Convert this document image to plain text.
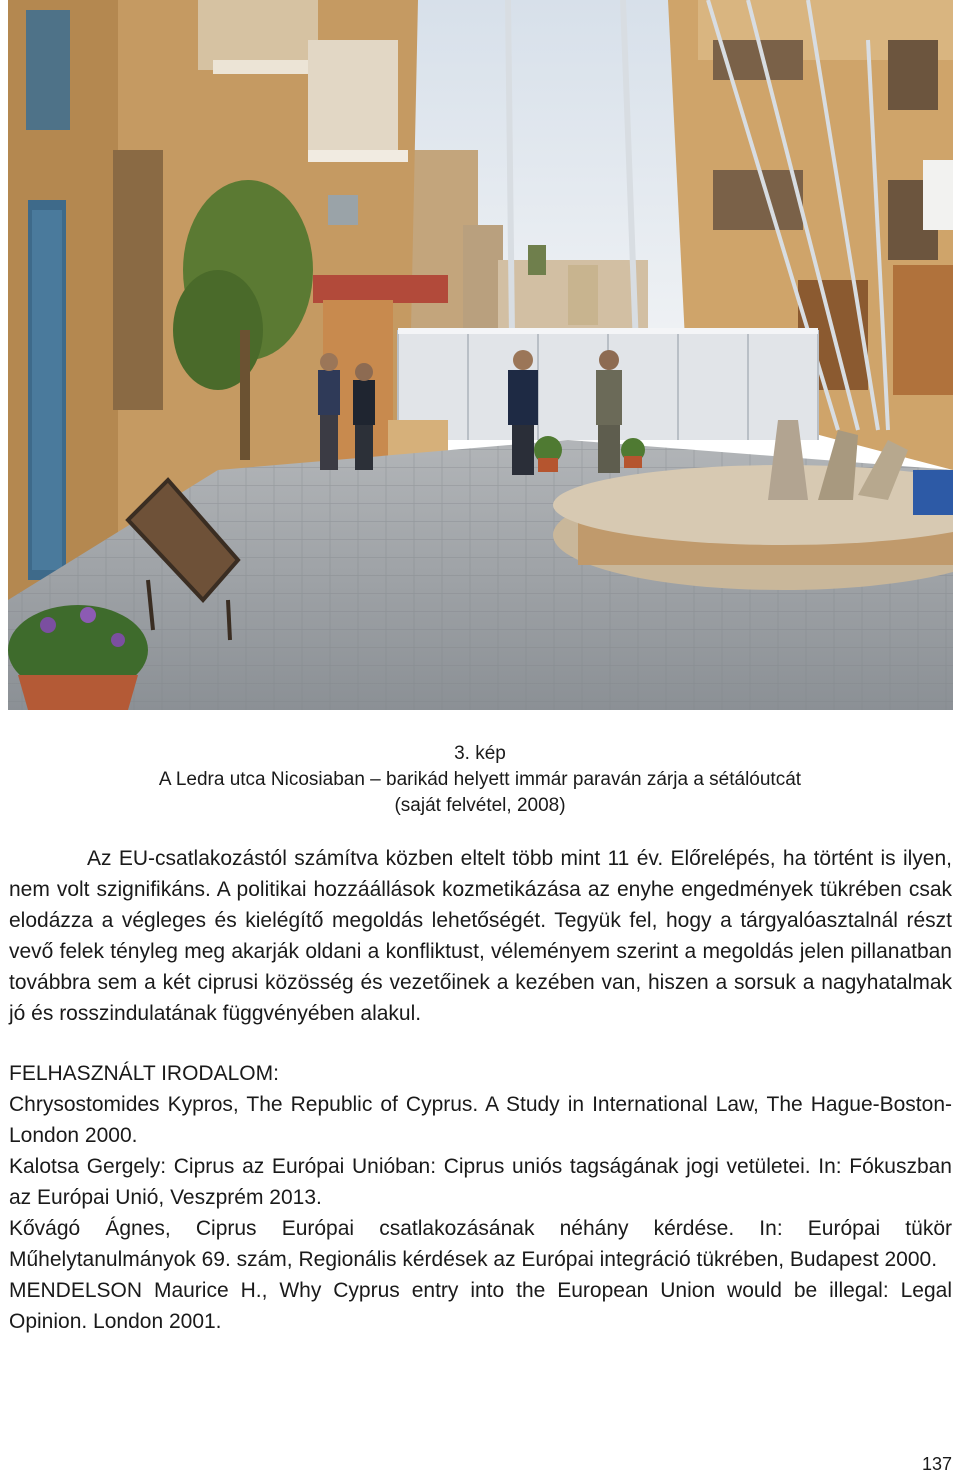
3. kép
A Ledra utca Nicosiaban – barikád helyett immár paraván zárja a sétálóutcát
(saját felvétel, 2008)

Az EU-csatlakozástól számítva közben eltelt több mint 11 év. Előrelépés, ha történt is ilyen, nem volt szignifikáns. A politikai hozzáállások kozmetikázása az enyhe engedmények tükrében csak elodázza a végleges és kielégítő megoldás lehetőségét. Tegyük fel, hogy a tárgyalóasztalnál részt vevő felek tényleg meg akarják oldani a konfliktust, véleményem szerint a megoldás jelen pillanatban továbbra sem a két ciprusi közösség és vezetőinek a kezében van, hiszen a sorsuk a nagyhatalmak jó és rosszindulatának függvényében alakul.

FELHASZNÁLT IRODALOM:

Chrysostomides Kypros, The Republic of Cyprus. A Study in International Law, The Hague-Boston-London 2000.

Kalotsa Gergely: Ciprus az Európai Unióban: Ciprus uniós tagságának jogi vetületei. In: Fókuszban az Európai Unió, Veszprém 2013.

Kővágó Ágnes, Ciprus Európai csatlakozásának néhány kérdése. In: Európai tükör Műhelytanulmányok 69. szám, Regionális kérdések az Európai integráció tükrében, Budapest 2000.

MENDELSON Maurice H., Why Cyprus entry into the European Union would be illegal: Legal Opinion. London 2001.

137
